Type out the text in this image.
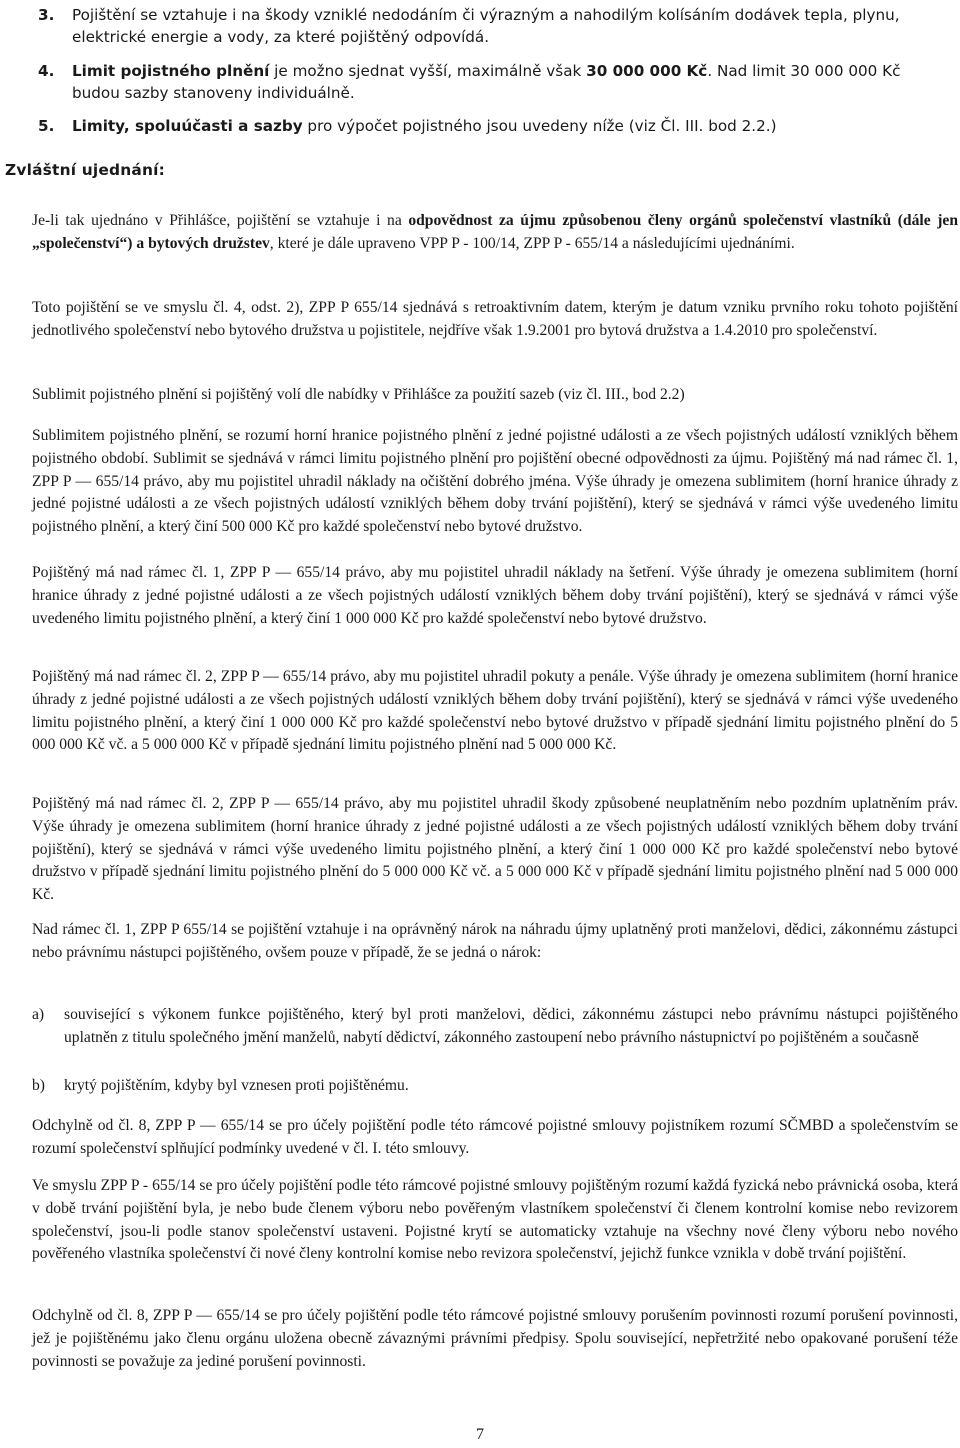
3. Pojištění se vztahuje i na škody vzniklé nedodáním či výrazným a nahodilým kolísáním dodávek tepla, plynu, elektrické energie a vody, za které pojištěný odpovídá.
4. Limit pojistného plnění je možno sjednat vyšší, maximálně však 30 000 000 Kč. Nad limit 30 000 000 Kč budou sazby stanoveny individuálně.
5. Limity, spoluúčasti a sazby pro výpočet pojistného jsou uvedeny níže (viz Čl. III. bod 2.2.)
Zvláštní ujednání:
Je-li tak ujednáno v Přihlášce, pojištění se vztahuje i na odpovědnost za újmu způsobenou členy orgánů společenství vlastníků (dále jen „společenství“) a bytových družstev, které je dále upraveno VPP P - 100/14, ZPP P - 655/14 a následujícími ujednáními.
Toto pojištění se ve smyslu čl. 4, odst. 2), ZPP P 655/14 sjednává s retroaktivním datem, kterým je datum vzniku prvního roku tohoto pojištění jednotlivého společenství nebo bytového družstva u pojistitele, nejdříve však 1.9.2001 pro bytová družstva a 1.4.2010 pro společenství.
Sublimit pojistného plnění si pojištěný volí dle nabídky v Přihlášce za použití sazeb (viz čl. III., bod 2.2)
Sublimitem pojistného plnění, se rozumí horní hranice pojistného plnění z jedné pojistné události a ze všech pojistných událostí vzniklých během pojistného období. Sublimit se sjednává v rámci limitu pojistného plnění pro pojištění obecné odpovědnosti za újmu. Pojištěný má nad rámec čl. 1, ZPP P — 655/14 právo, aby mu pojistitel uhradil náklady na očištění dobrého jména. Výše úhrady je omezena sublimitem (horní hranice úhrady z jedné pojistné události a ze všech pojistných událostí vzniklých během doby trvání pojištění), který se sjednává v rámci výše uvedeného limitu pojistného plnění, a který činí 500 000 Kč pro každé společenství nebo bytové družstvo.
Pojištěný má nad rámec čl. 1, ZPP P — 655/14 právo, aby mu pojistitel uhradil náklady na šetření. Výše úhrady je omezena sublimitem (horní hranice úhrady z jedné pojistné události a ze všech pojistných událostí vzniklých během doby trvání pojištění), který se sjednává v rámci výše uvedeného limitu pojistného plnění, a který činí 1 000 000 Kč pro každé společenství nebo bytové družstvo.
Pojištěný má nad rámec čl. 2, ZPP P — 655/14 právo, aby mu pojistitel uhradil pokuty a penále. Výše úhrady je omezena sublimitem (horní hranice úhrady z jedné pojistné události a ze všech pojistných událostí vzniklých během doby trvání pojištění), který se sjednává v rámci výše uvedeného limitu pojistného plnění, a který činí 1 000 000 Kč pro každé společenství nebo bytové družstvo v případě sjednání limitu pojistného plnění do 5 000 000 Kč vč. a 5 000 000 Kč v případě sjednání limitu pojistného plnění nad 5 000 000 Kč.
Pojištěný má nad rámec čl. 2, ZPP P — 655/14 právo, aby mu pojistitel uhradil škody způsobené neuplatněním nebo pozdním uplatněním práv. Výše úhrady je omezena sublimitem (horní hranice úhrady z jedné pojistné události a ze všech pojistných událostí vzniklých během doby trvání pojištění), který se sjednává v rámci výše uvedeného limitu pojistného plnění, a který činí 1 000 000 Kč pro každé společenství nebo bytové družstvo v případě sjednání limitu pojistného plnění do 5 000 000 Kč vč. a 5 000 000 Kč v případě sjednání limitu pojistného plnění nad 5 000 000 Kč.
Nad rámec čl. 1, ZPP P 655/14 se pojištění vztahuje i na oprávněný nárok na náhradu újmy uplatněný proti manželovi, dědici, zákonnému zástupci nebo právnímu nástupci pojištěného, ovšem pouze v případě, že se jedná o nárok:
a) související s výkonem funkce pojištěného, který byl proti manželovi, dědici, zákonnému zástupci nebo právnímu nástupci pojištěného uplatněn z titulu společného jmění manželů, nabytí dědictví, zákonného zastoupení nebo právního nástupnictví po pojištěném a současně
b) krytý pojištěním, kdyby byl vznesen proti pojištěnému.
Odchylně od čl. 8, ZPP P — 655/14 se pro účely pojištění podle této rámcové pojistné smlouvy pojistníkem rozumí SČMBD a společenstvím se rozumí společenství splňující podmínky uvedené v čl. I. této smlouvy.
Ve smyslu ZPP P - 655/14 se pro účely pojištění podle této rámcové pojistné smlouvy pojištěným rozumí každá fyzická nebo právnická osoba, která v době trvání pojištění byla, je nebo bude členem výboru nebo pověřeným vlastníkem společenství či členem kontrolní komise nebo revizorem společenství, jsou-li podle stanov společenství ustaveni. Pojistné krytí se automaticky vztahuje na všechny nové členy výboru nebo nového pověřeného vlastníka společenství či nové členy kontrolní komise nebo revizora společenství, jejichž funkce vznikla v době trvání pojištění.
Odchylně od čl. 8, ZPP P — 655/14 se pro účely pojištění podle této rámcové pojistné smlouvy porušením povinnosti rozumí porušení povinnosti, jež je pojištěnému jako členu orgánu uložena obecně závaznými právními předpisy. Spolu související, nepřetržité nebo opakované porušení téže povinnosti se považuje za jediné porušení povinnosti.
7
